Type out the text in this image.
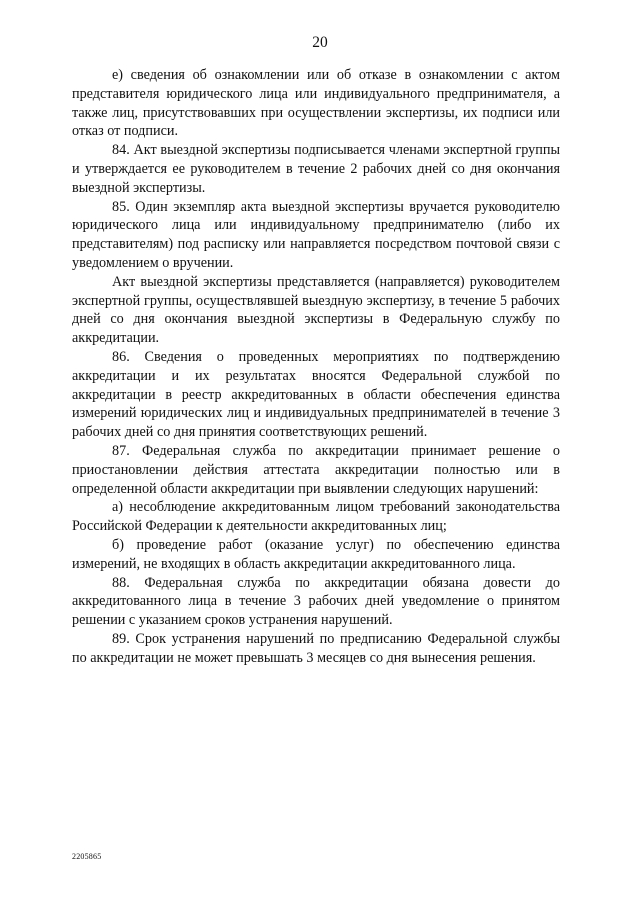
20

е) сведения об ознакомлении или об отказе в ознакомлении с актом представителя юридического лица или индивидуального предпринимателя, а также лиц, присутствовавших при осуществлении экспертизы, их подписи или отказ от подписи.

84. Акт выездной экспертизы подписывается членами экспертной группы и утверждается ее руководителем в течение 2 рабочих дней со дня окончания выездной экспертизы.

85. Один экземпляр акта выездной экспертизы вручается руководителю юридического лица или индивидуальному предпринимателю (либо их представителям) под расписку или направляется посредством почтовой связи с уведомлением о вручении.

Акт выездной экспертизы представляется (направляется) руководителем экспертной группы, осуществлявшей выездную экспертизу, в течение 5 рабочих дней со дня окончания выездной экспертизы в Федеральную службу по аккредитации.

86. Сведения о проведенных мероприятиях по подтверждению аккредитации и их результатах вносятся Федеральной службой по аккредитации в реестр аккредитованных в области обеспечения единства измерений юридических лиц и индивидуальных предпринимателей в течение 3 рабочих дней со дня принятия соответствующих решений.

87. Федеральная служба по аккредитации принимает решение о приостановлении действия аттестата аккредитации полностью или в определенной области аккредитации при выявлении следующих нарушений:

а) несоблюдение аккредитованным лицом требований законодательства Российской Федерации к деятельности аккредитованных лиц;

б) проведение работ (оказание услуг) по обеспечению единства измерений, не входящих в область аккредитации аккредитованного лица.

88. Федеральная служба по аккредитации обязана довести до аккредитованного лица в течение 3 рабочих дней уведомление о принятом решении с указанием сроков устранения нарушений.

89. Срок устранения нарушений по предписанию Федеральной службы по аккредитации не может превышать 3 месяцев со дня вынесения решения.

2205865
